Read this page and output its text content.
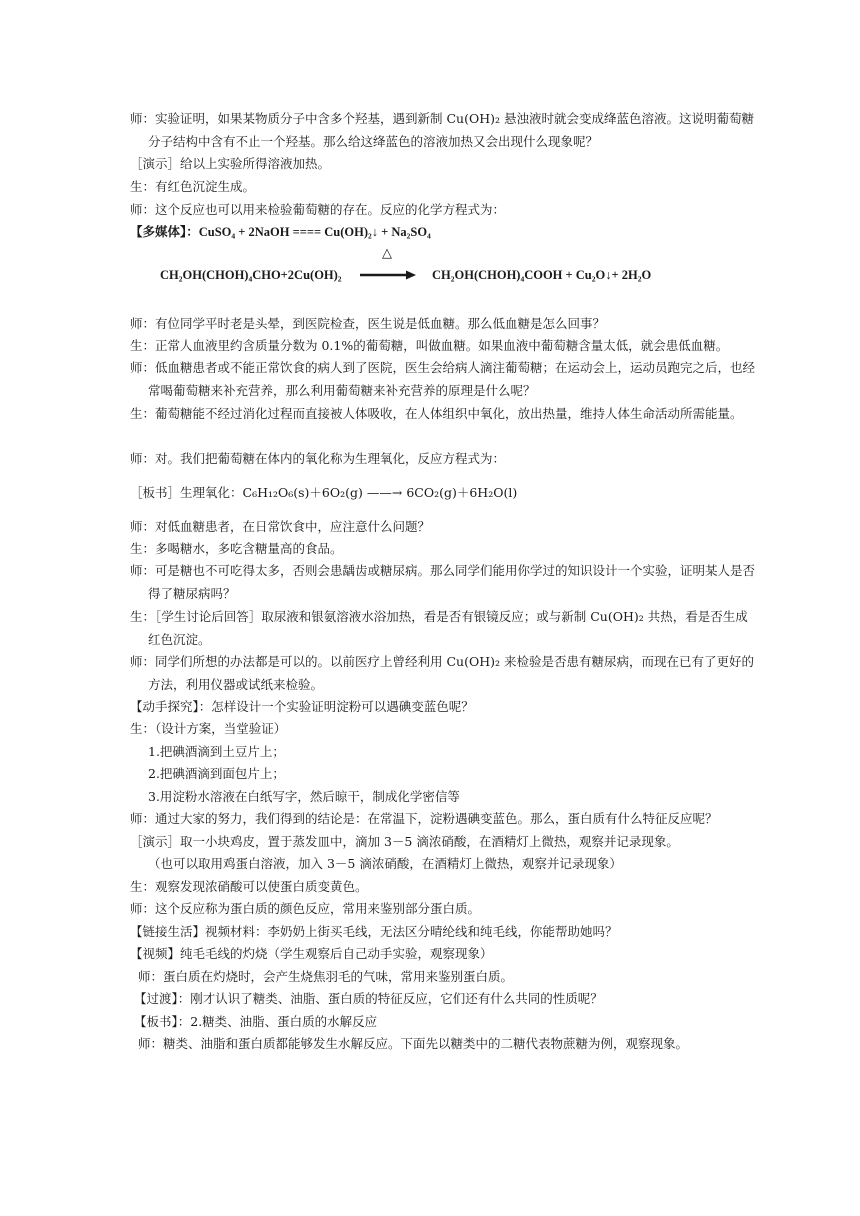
师：实验证明，如果某物质分子中含多个羟基，遇到新制 Cu(OH)₂ 悬浊液时就会变成绛蓝色溶液。这说明葡萄糖分子结构中含有不止一个羟基。那么给这绛蓝色的溶液加热又会出现什么现象呢？
［演示］给以上实验所得溶液加热。
生：有红色沉淀生成。
师：这个反应也可以用来检验葡萄糖的存在。反应的化学方程式为：
【多媒体】：CuSO₄ + 2NaOH ==== Cu(OH)₂↓ + Na₂SO₄
△
CH₂OH(CHOH)₄CHO+2Cu(OH)₂ → CH₂OH(CHOH)₄COOH + Cu₂O↓+ 2H₂O
师：有位同学平时老是头晕，到医院检查，医生说是低血糖。那么低血糖是怎么回事？
生：正常人血液里约含质量分数为 0.1%的葡萄糖，叫做血糖。如果血液中葡萄糖含量太低，就会患低血糖。
师：低血糖患者或不能正常饮食的病人到了医院，医生会给病人滴注葡萄糖；在运动会上，运动员跑完之后，也经常喝葡萄糖来补充营养，那么利用葡萄糖来补充营养的原理是什么呢？
生：葡萄糖能不经过消化过程而直接被人体吸收，在人体组织中氧化，放出热量，维持人体生命活动所需能量。
师：对。我们把葡萄糖在体内的氧化称为生理氧化，反应方程式为：
［板书］生理氧化：C₆H₁₂O₆(s)＋6O₂(g) ——→ 6CO₂(g)＋6H₂O(l)
师：对低血糖患者，在日常饮食中，应注意什么问题？
生：多喝糖水，多吃含糖量高的食品。
师：可是糖也不可吃得太多，否则会患龋齿或糖尿病。那么同学们能用你学过的知识设计一个实验，证明某人是否得了糖尿病吗？
生：［学生讨论后回答］取尿液和银氨溶液水浴加热，看是否有银镜反应；或与新制 Cu(OH)₂ 共热，看是否生成红色沉淀。
师：同学们所想的办法都是可以的。以前医疗上曾经利用 Cu(OH)₂ 来检验是否患有糖尿病，而现在已有了更好的方法，利用仪器或试纸来检验。
【动手探究】：怎样设计一个实验证明淀粉可以遇碘变蓝色呢？
生：（设计方案，当堂验证）
1.把碘酒滴到土豆片上；
2.把碘酒滴到面包片上；
3.用淀粉水溶液在白纸写字，然后晾干，制成化学密信等
师：通过大家的努力，我们得到的结论是：在常温下，淀粉遇碘变蓝色。那么，蛋白质有什么特征反应呢？
［演示］取一小块鸡皮，置于蒸发皿中，滴加 3－5 滴浓硝酸，在酒精灯上微热，观察并记录现象。
（也可以取用鸡蛋白溶液，加入 3－5 滴浓硝酸，在酒精灯上微热，观察并记录现象）
生：观察发现浓硝酸可以使蛋白质变黄色。
师：这个反应称为蛋白质的颜色反应，常用来鉴别部分蛋白质。
【链接生活】视频材料：李奶奶上街买毛线，无法区分晴纶线和纯毛线，你能帮助她吗？
【视频】纯毛毛线的灼烧（学生观察后自己动手实验，观察现象）
师：蛋白质在灼烧时，会产生烧焦羽毛的气味，常用来鉴别蛋白质。
【过渡】：刚才认识了糖类、油脂、蛋白质的特征反应，它们还有什么共同的性质呢？
【板书】：2.糖类、油脂、蛋白质的水解反应
师：糖类、油脂和蛋白质都能够发生水解反应。下面先以糖类中的二糖代表物蔗糖为例，观察现象。
